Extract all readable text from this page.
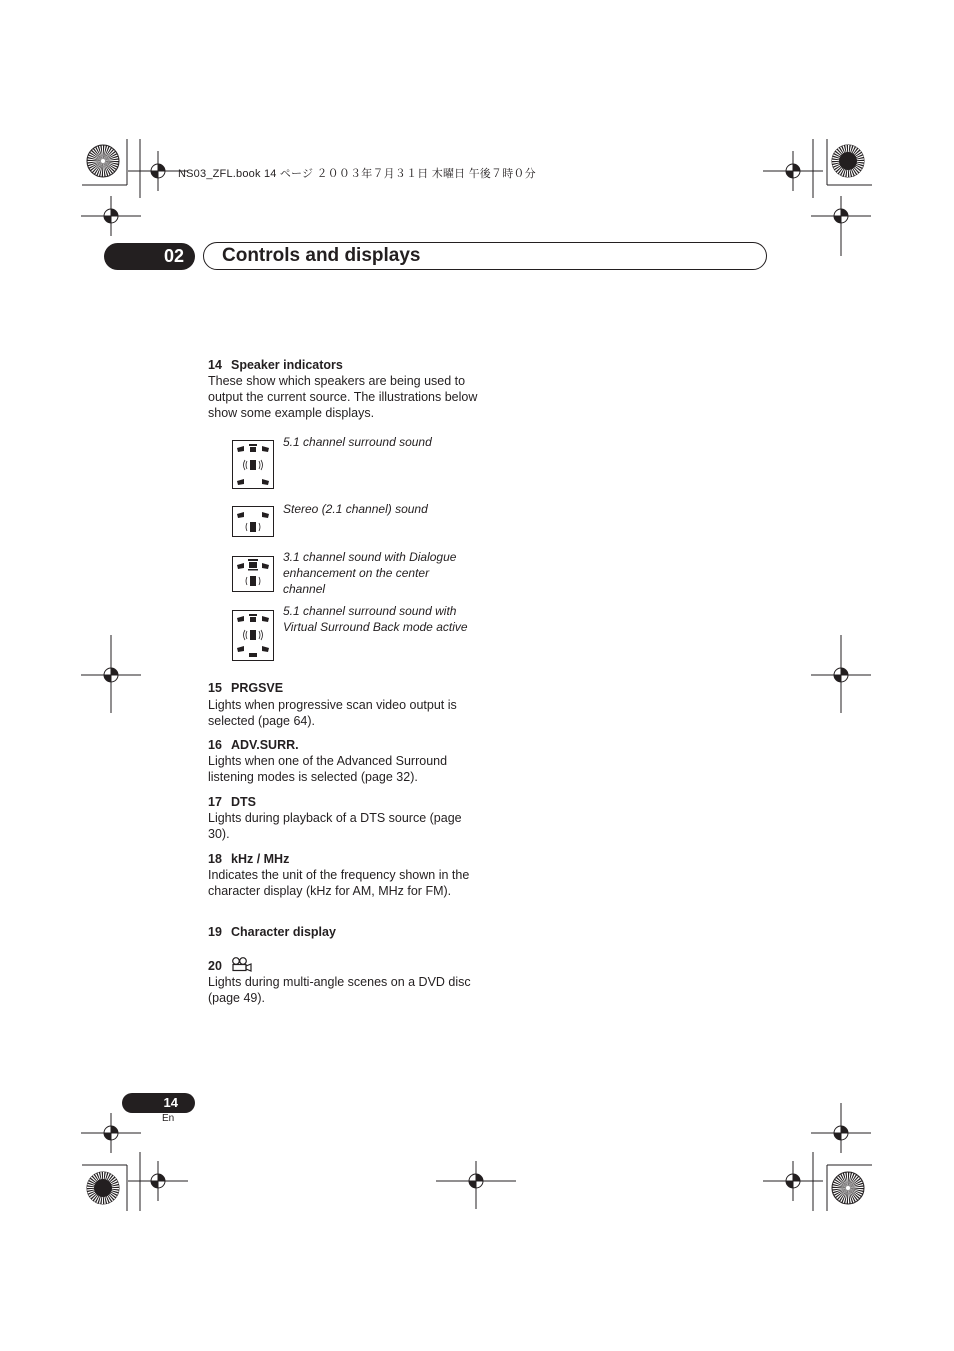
NS03_ZFL.book 14 ページ ２００３年７月３１日 木曜日 午後７時０分
02	Controls and displays
14 Speaker indicators
These show which speakers are being used to output the current source. The illustrations below show some example displays.
5.1 channel surround sound
Stereo (2.1 channel) sound
3.1 channel sound with Dialogue enhancement on the center channel
5.1 channel surround sound with Virtual Surround Back mode active
15 PRGSVE
Lights when progressive scan video output is selected (page 64).
16 ADV.SURR.
Lights when one of the Advanced Surround listening modes is selected (page 32).
17 DTS
Lights during playback of a DTS source (page 30).
18 kHz / MHz
Indicates the unit of the frequency shown in the character display (kHz for AM, MHz for FM).
19 Character display
20
Lights during multi-angle scenes on a DVD disc (page 49).
14
En
